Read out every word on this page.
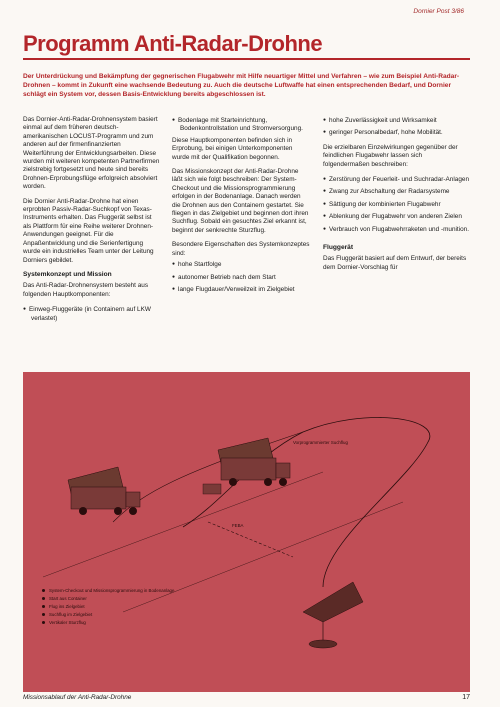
Dornier Post 3/86
Programm Anti-Radar-Drohne
Der Unterdrückung und Bekämpfung der gegnerischen Flugabwehr mit Hilfe neuartiger Mittel und Verfahren – wie zum Beispiel Anti-Radar-Drohnen – kommt in Zukunft eine wachsende Bedeutung zu. Auch die deutsche Luftwaffe hat einen entsprechenden Bedarf, und Dornier schlägt ein System vor, dessen Basis-Entwicklung bereits abgeschlossen ist.

Das Dornier-Anti-Radar-Drohnensystem basiert einmal auf dem früheren deutsch-amerikanischen LOCUST-Programm und zum anderen auf der firmenfinanzierten Weiterführung der Entwicklungsarbeiten. Diese wurden mit weiteren kompetenten Partnerfirmen zielstrebig fortgesetzt und heute sind bereits Drohnen-Erprobungsflüge erfolgreich absolviert worden.

Die Dornier Anti-Radar-Drohne hat einen erprobten Passiv-Radar-Suchkopf von Texas-Instruments erhalten. Das Fluggerät selbst ist als Plattform für eine Reihe weiterer Drohnen-Anwendungen geeignet. Für die Anpaßentwicklung und die Serienfertigung wurde ein industrielles Team unter der Leitung Dorniers gebildet.

Systemkonzept und Mission

Das Anti-Radar-Drohnensystem besteht aus folgenden Hauptkomponenten:

● Einweg-Fluggeräte (in Containern auf LKW verlastet)
● Bodenlage mit Starteinrichtung, Bodenkontrollstation und Stromversorgung.

Diese Hauptkomponenten befinden sich in Erprobung, bei einigen Unterkomponenten wurde mit der Qualifikation begonnen.

Das Missionskonzept der Anti-Radar-Drohne läßt sich wie folgt beschreiben: Der System-Checkout und die Missionsprogrammierung erfolgen in der Bodenanlage. Danach werden die Drohnen aus den Containern gestartet. Sie fliegen in das Zielgebiet und beginnen dort ihren Suchflug. Sobald ein gesuchtes Ziel erkannt ist, beginnt der senkrechte Sturzflug.

Besondere Eigenschaften des Systemkonzeptes sind:

● hohe Startfolge
● autonomer Betrieb nach dem Start
● lange Flugdauer/Verweilzeit im Zielgebiet
● hohe Zuverlässigkeit und Wirksamkeit
● geringer Personalbedarf, hohe Mobilität.

Die erzielbaren Einzelwirkungen gegenüber der feindlichen Flugabwehr lassen sich folgendermaßen beschreiben:

● Zerstörung der Feuerleit- und Suchradar-Anlagen
● Zwang zur Abschaltung der Radarsysteme
● Sättigung der kombinierten Flugabwehr
● Ablenkung der Flugabwehr von anderen Zielen
● Verbrauch von Flugabwehrraketen und -munition.
Fluggerät

Das Fluggerät basiert auf dem Entwurf, der bereits dem Dornier-Vorschlag für

Vorprogrammierter Suchflug
FEBA
System-Checkout und Missionsprogrammierung in Bodenanlage
Start aus Container
Flug ins Zielgebiet
Suchflug im Zielgebiet
Vertikaler Sturzflug
Missionsablauf der Anti-Radar-Drohne	17
